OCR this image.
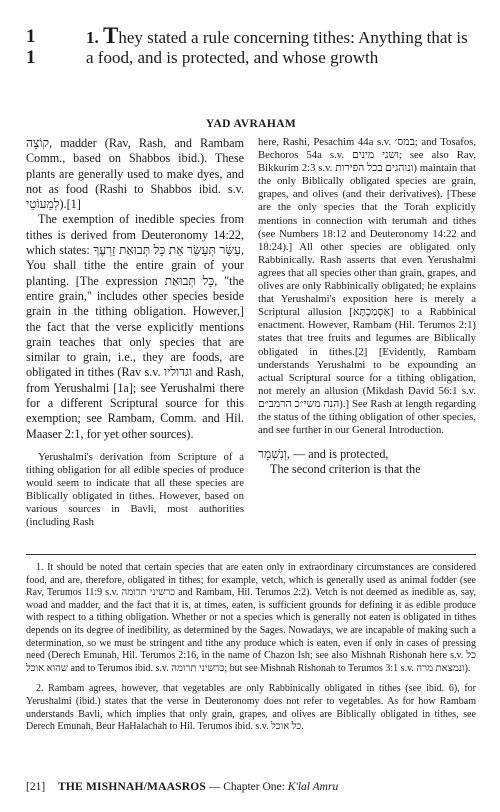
1
1
1. They stated a rule concerning tithes: Anything that is a food, and is protected, and whose growth
YAD AVRAHAM

קוֹצָה, madder (Rav, Rash, and Rambam Comm., based on Shabbos ibid.). These plants are generally used to make dyes, and not as food (Rashi to Shabbos ibid. s.v. לְמַעוֹטֵי).[1]

The exemption of inedible species from tithes is derived from Deuteronomy 14:22, which states: עַשֵּׂר תְּעַשֵּׂר אֵת כָּל תְּבוּאַת זַרְעֶךָ, You shall tithe the entire grain of your planting. [The expression כָּל תְּבוּאַת, "the entire grain," includes other species beside grain in the tithing obligation. However,] the fact that the verse explicitly mentions grain teaches that only species that are similar to grain, i.e., they are foods, are obligated in tithes (Rav s.v. וגדוליו and Rash, from Yerushalmi [1a]; see Yerushalmi there for a different Scriptural source for this exemption; see Rambam, Comm. and Hil. Maaser 2:1, for yet other sources).

Yerushalmi's derivation from Scripture of a tithing obligation for all edible species of produce would seem to indicate that all these species are Biblically obligated in tithes. However, based on various sources in Bavli, most authorities (including Rash

here, Rashi, Pesachim 44a s.v. במס׳; and Tosafos, Bechoros 54a s.v. ושני מינים; see also Rav, Bikkurim 2:3 s.v. ונוהגים בכל הפירות) maintain that the only Biblically obligated species are grain, grapes, and olives (and their derivatives). [These are the only species that the Torah explicitly mentions in connection with terumah and tithes (see Numbers 18:12 and Deuteronomy 14:22 and 18:24).] All other species are obligated only Rabbinically. Rash asserts that even Yerushalmi agrees that all species other than grain, grapes, and olives are only Rabbinically obligated; he explains that Yerushalmi's exposition here is merely a Scriptural allusion [אַסְמַכְתָּא] to a Rabbinical enactment. However, Rambam (Hil. Terumos 2:1) states that tree fruits and legumes are Biblically obligated in tithes.[2] [Evidently, Rambam understands Yerushalmi to be expounding an actual Scriptural source for a tithing obligation, not merely an allusion (Mikdash David 56:1 s.v. הנה משי״כ הרמב״ם).] See Rash at length regarding the status of the tithing obligation of other species, and see further in our General Introduction.

וְנִשְׁמָר, — and is protected,

The second criterion is that the

1. It should be noted that certain species that are eaten only in extraordinary circumstances are considered food, and are, therefore, obligated in tithes; for example, vetch, which is generally used as animal fodder (see Rav, Terumos 11:9 s.v. כרשיני תרומה and Rambam, Hil. Terumos 2:2). Vetch is not deemed as inedible as, say, woad and madder, and the fact that it is, at times, eaten, is sufficient grounds for defining it as edible produce with respect to a tithing obligation. Whether or not a species which is generally not eaten is obligated in tithes depends on its degree of inedibility, as determined by the Sages. Nowadays, we are incapable of making such a determination, so we must be stringent and tithe any produce which is eaten, even if only in cases of pressing need (Derech Emunah, Hil. Terumos 2:16, in the name of Chazon Ish; see also Mishnah Rishonah here s.v. כל שהוא אוכל and to Terumos ibid. s.v. כרשיני תרומה; but see Mishnah Rishonah to Terumos 3:1 s.v. ונמצאת מרה).

2. Rambam agrees, however, that vegetables are only Rabbinically obligated in tithes (see ibid. 6), for Yerushalmi (ibid.) states that the verse in Deuteronomy does not refer to vegetables. As for how Rambam understands Bavli, which implies that only grain, grapes, and olives are Biblically obligated in tithes, see Derech Emunah, Beur HaHalachah to Hil. Terumos ibid. s.v. כל אוכל.

[21] THE MISHNAH/MAASROS — Chapter One: K'lal Amru
